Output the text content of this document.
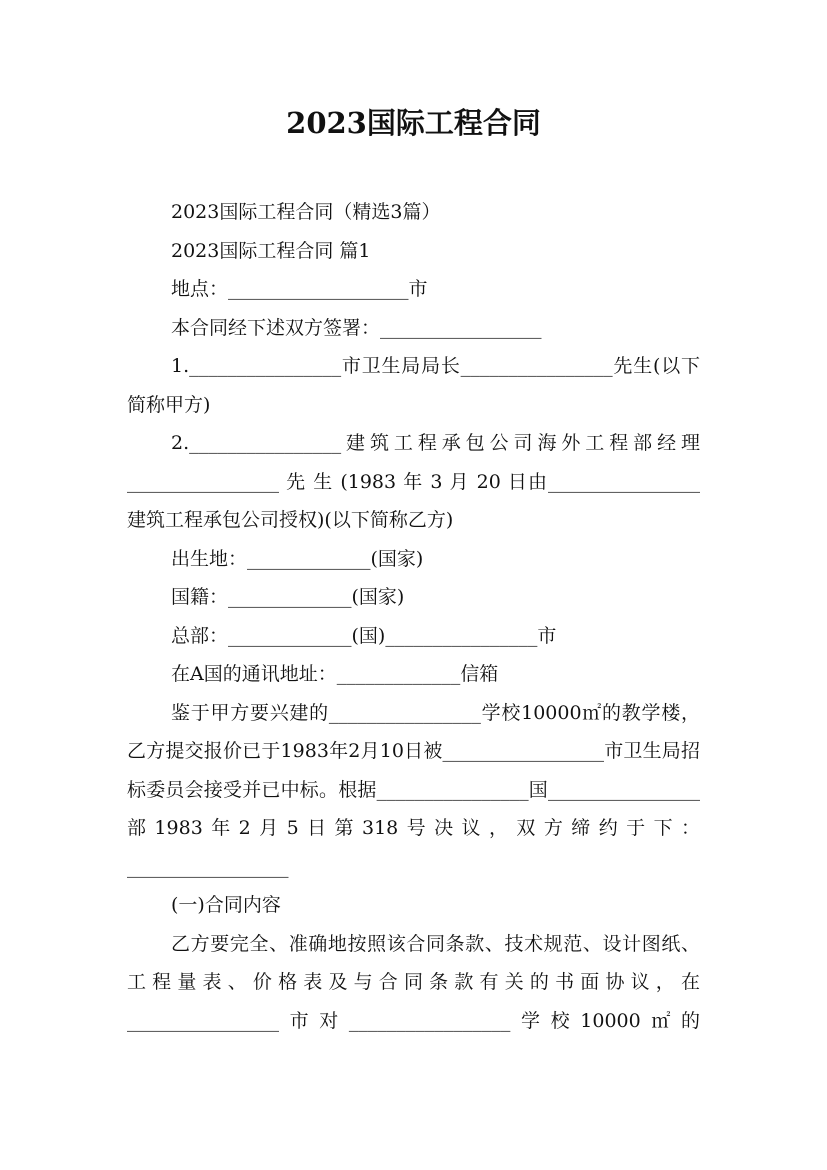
2023国际工程合同

2023国际工程合同（精选3篇）

2023国际工程合同 篇1

地点：___________________市

本合同经下述双方签署：_________________

1.________________市卫生局局长________________先生(以下简称甲方)

2.________________建筑工程承包公司海外工程部经理 ________________ 先 生 (1983 年 3 月 20 日由________________建筑工程承包公司授权)(以下简称乙方)

出生地：_____________(国家)

国籍：_____________(国家)

总部：_____________(国)________________市

在A国的通讯地址：_____________信箱

鉴于甲方要兴建的________________学校10000㎡的教学楼，乙方提交报价已于1983年2月10日被_________________市卫生局招标委员会接受并已中标。根据________________国________________部1983年2月5日第318号决议，双方缔约于下：_________________

(一)合同内容

乙方要完全、准确地按照该合同条款、技术规范、设计图纸、工程量表、价格表及与合同条款有关的书面协议，在________________市对_________________学校10000㎡的
